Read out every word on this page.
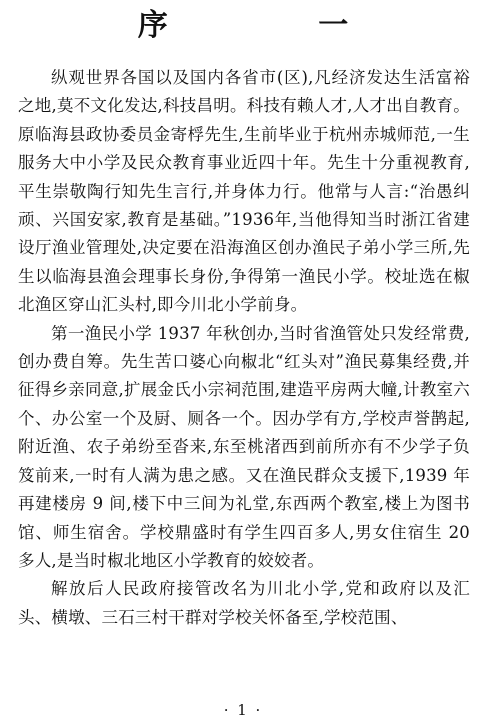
序 一

纵观世界各国以及国内各省市(区),凡经济发达生活富裕之地,莫不文化发达,科技昌明。科技有赖人才,人才出自教育。原临海县政协委员金寄桴先生,生前毕业于杭州赤城师范,一生服务大中小学及民众教育事业近四十年。先生十分重视教育,平生崇敬陶行知先生言行,并身体力行。他常与人言:“治愚纠顽、兴国安家,教育是基础。”1936年,当他得知当时浙江省建设厅渔业管理处,决定要在沿海渔区创办渔民子弟小学三所,先生以临海县渔会理事长身份,争得第一渔民小学。校址选在椒北渔区穿山汇头村,即今川北小学前身。

第一渔民小学 1937 年秋创办,当时省渔管处只发经常费,创办费自筹。先生苦口婆心向椒北“红头对”渔民募集经费,并征得乡亲同意,扩展金氏小宗祠范围,建造平房两大幢,计教室六个、办公室一个及厨、厕各一个。因办学有方,学校声誉鹊起,附近渔、农子弟纷至沓来,东至桃渚西到前所亦有不少学子负笈前来,一时有人满为患之感。又在渔民群众支援下,1939 年再建楼房 9 间,楼下中三间为礼堂,东西两个教室,楼上为图书馆、师生宿舍。学校鼎盛时有学生四百多人,男女住宿生 20 多人,是当时椒北地区小学教育的姣姣者。

解放后人民政府接管改名为川北小学,党和政府以及汇头、横墩、三石三村干群对学校关怀备至,学校范围、

· 1 ·
